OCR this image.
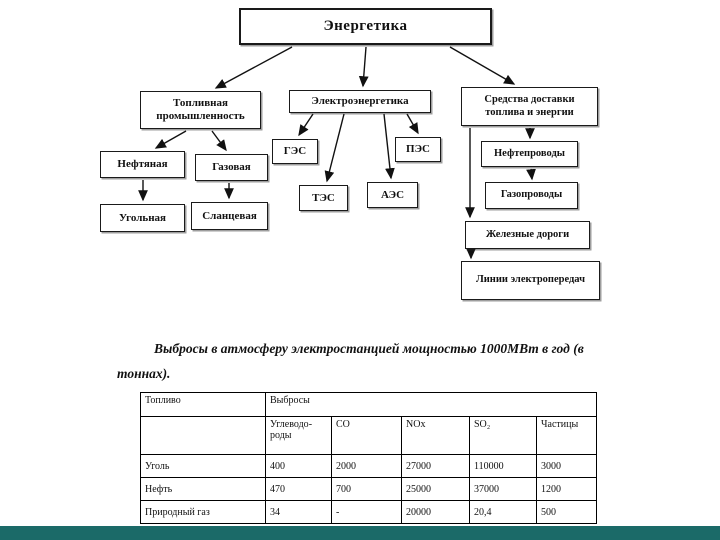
Энергетика
Топливная промышленность
Электроэнергетика	Средства доставки топлива и энергии
Нефтяная	Газовая
Угольная	Сланцевая
ГЭС	ПЭС
ТЭС	АЭС
Нефтепроводы
Газопроводы
Железные дороги
Линии электропередач

Выбросы в атмосферу электростанцией мощностью 1000МВт в год (в тоннах).

Топливо	Выбросы				
	Углеводороды	СО	NOx	SO₂	Частицы
Уголь	400	2000	27000	110000	3000
Нефть	470	700	25000	37000	1200
Природный газ	34	-	20000	20,4	500
